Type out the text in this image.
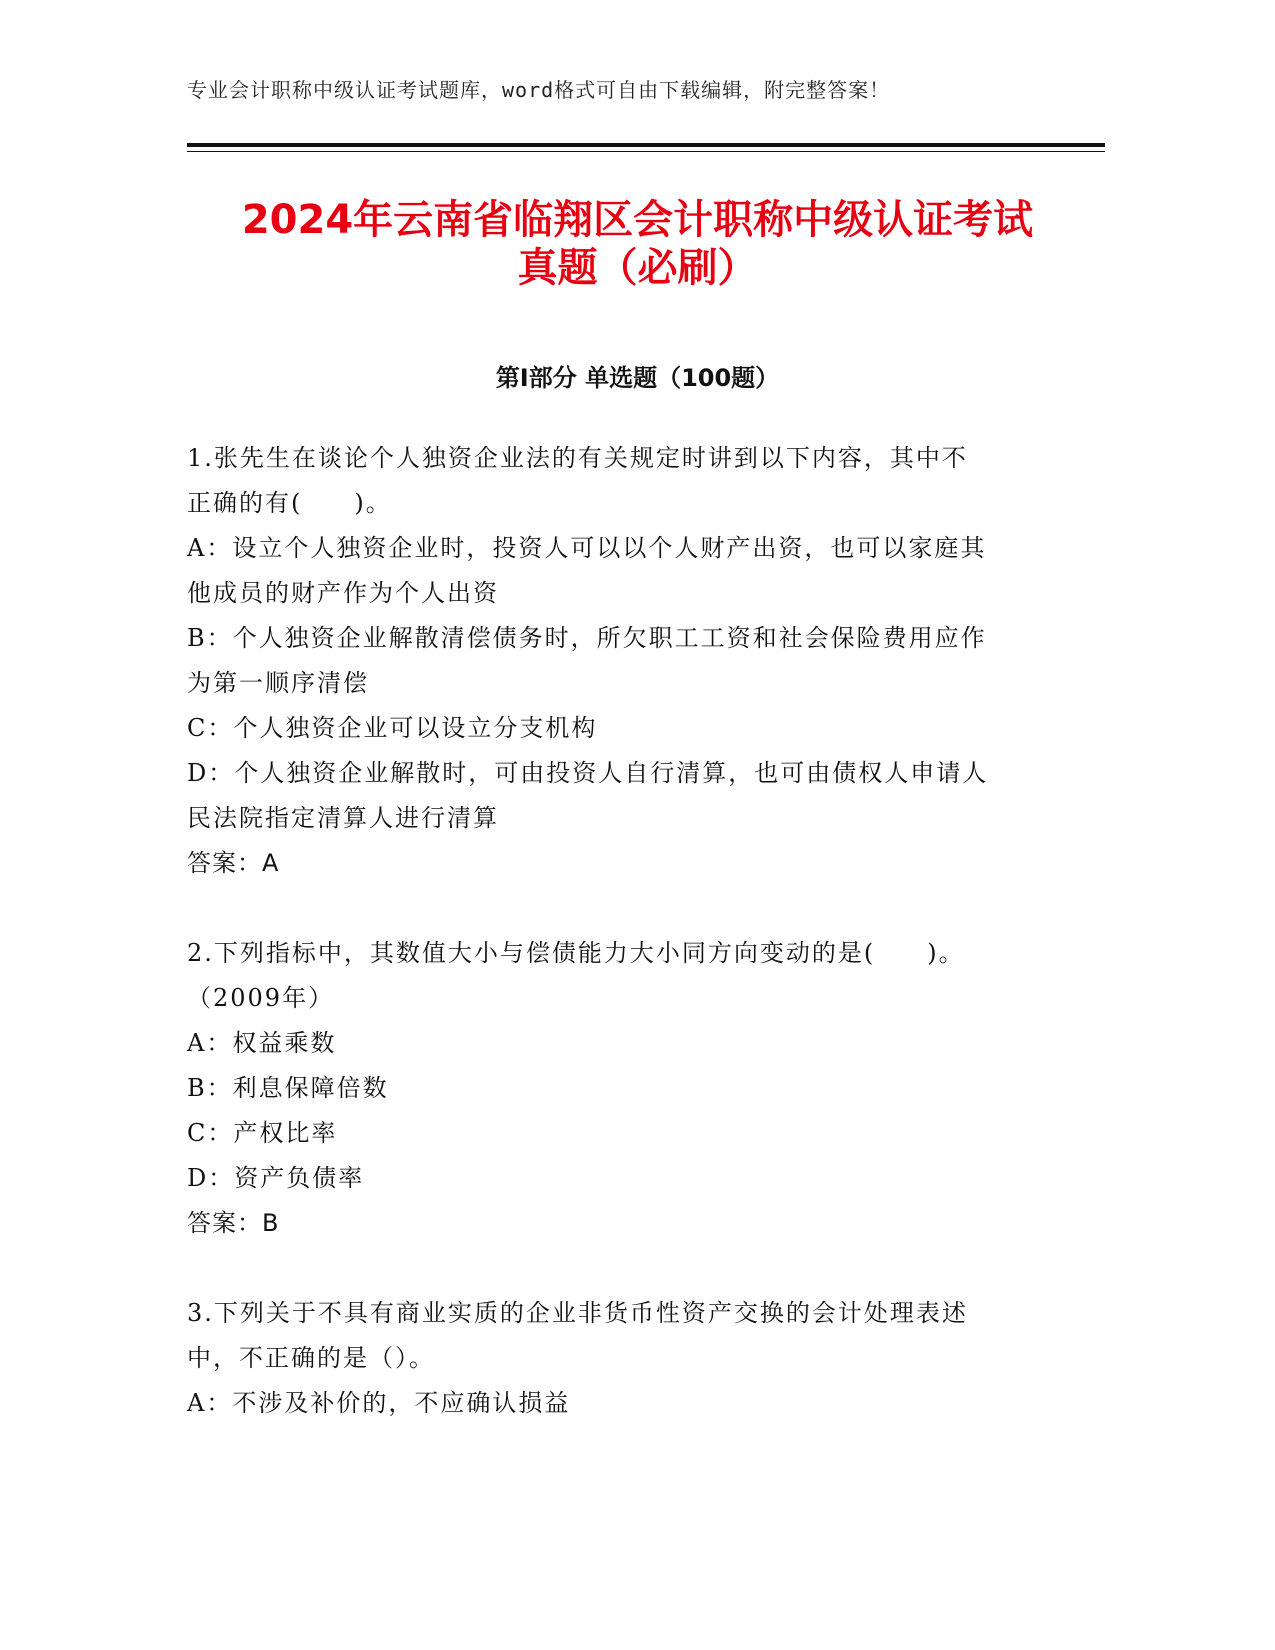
专业会计职称中级认证考试题库，word格式可自由下载编辑，附完整答案！
2024年云南省临翔区会计职称中级认证考试
真题（必刷）
第Ⅰ部分 单选题（100题）
1.张先生在谈论个人独资企业法的有关规定时讲到以下内容，其中不
正确的有(　　)。
A：设立个人独资企业时，投资人可以以个人财产出资，也可以家庭其
他成员的财产作为个人出资
B：个人独资企业解散清偿债务时，所欠职工工资和社会保险费用应作
为第一顺序清偿
C：个人独资企业可以设立分支机构
D：个人独资企业解散时，可由投资人自行清算，也可由债权人申请人
民法院指定清算人进行清算
答案：A
2.下列指标中，其数值大小与偿债能力大小同方向变动的是(　　)。
（2009年）
A：权益乘数
B：利息保障倍数
C：产权比率
D：资产负债率
答案：B
3.下列关于不具有商业实质的企业非货币性资产交换的会计处理表述
中，不正确的是（）。
A：不涉及补价的，不应确认损益
